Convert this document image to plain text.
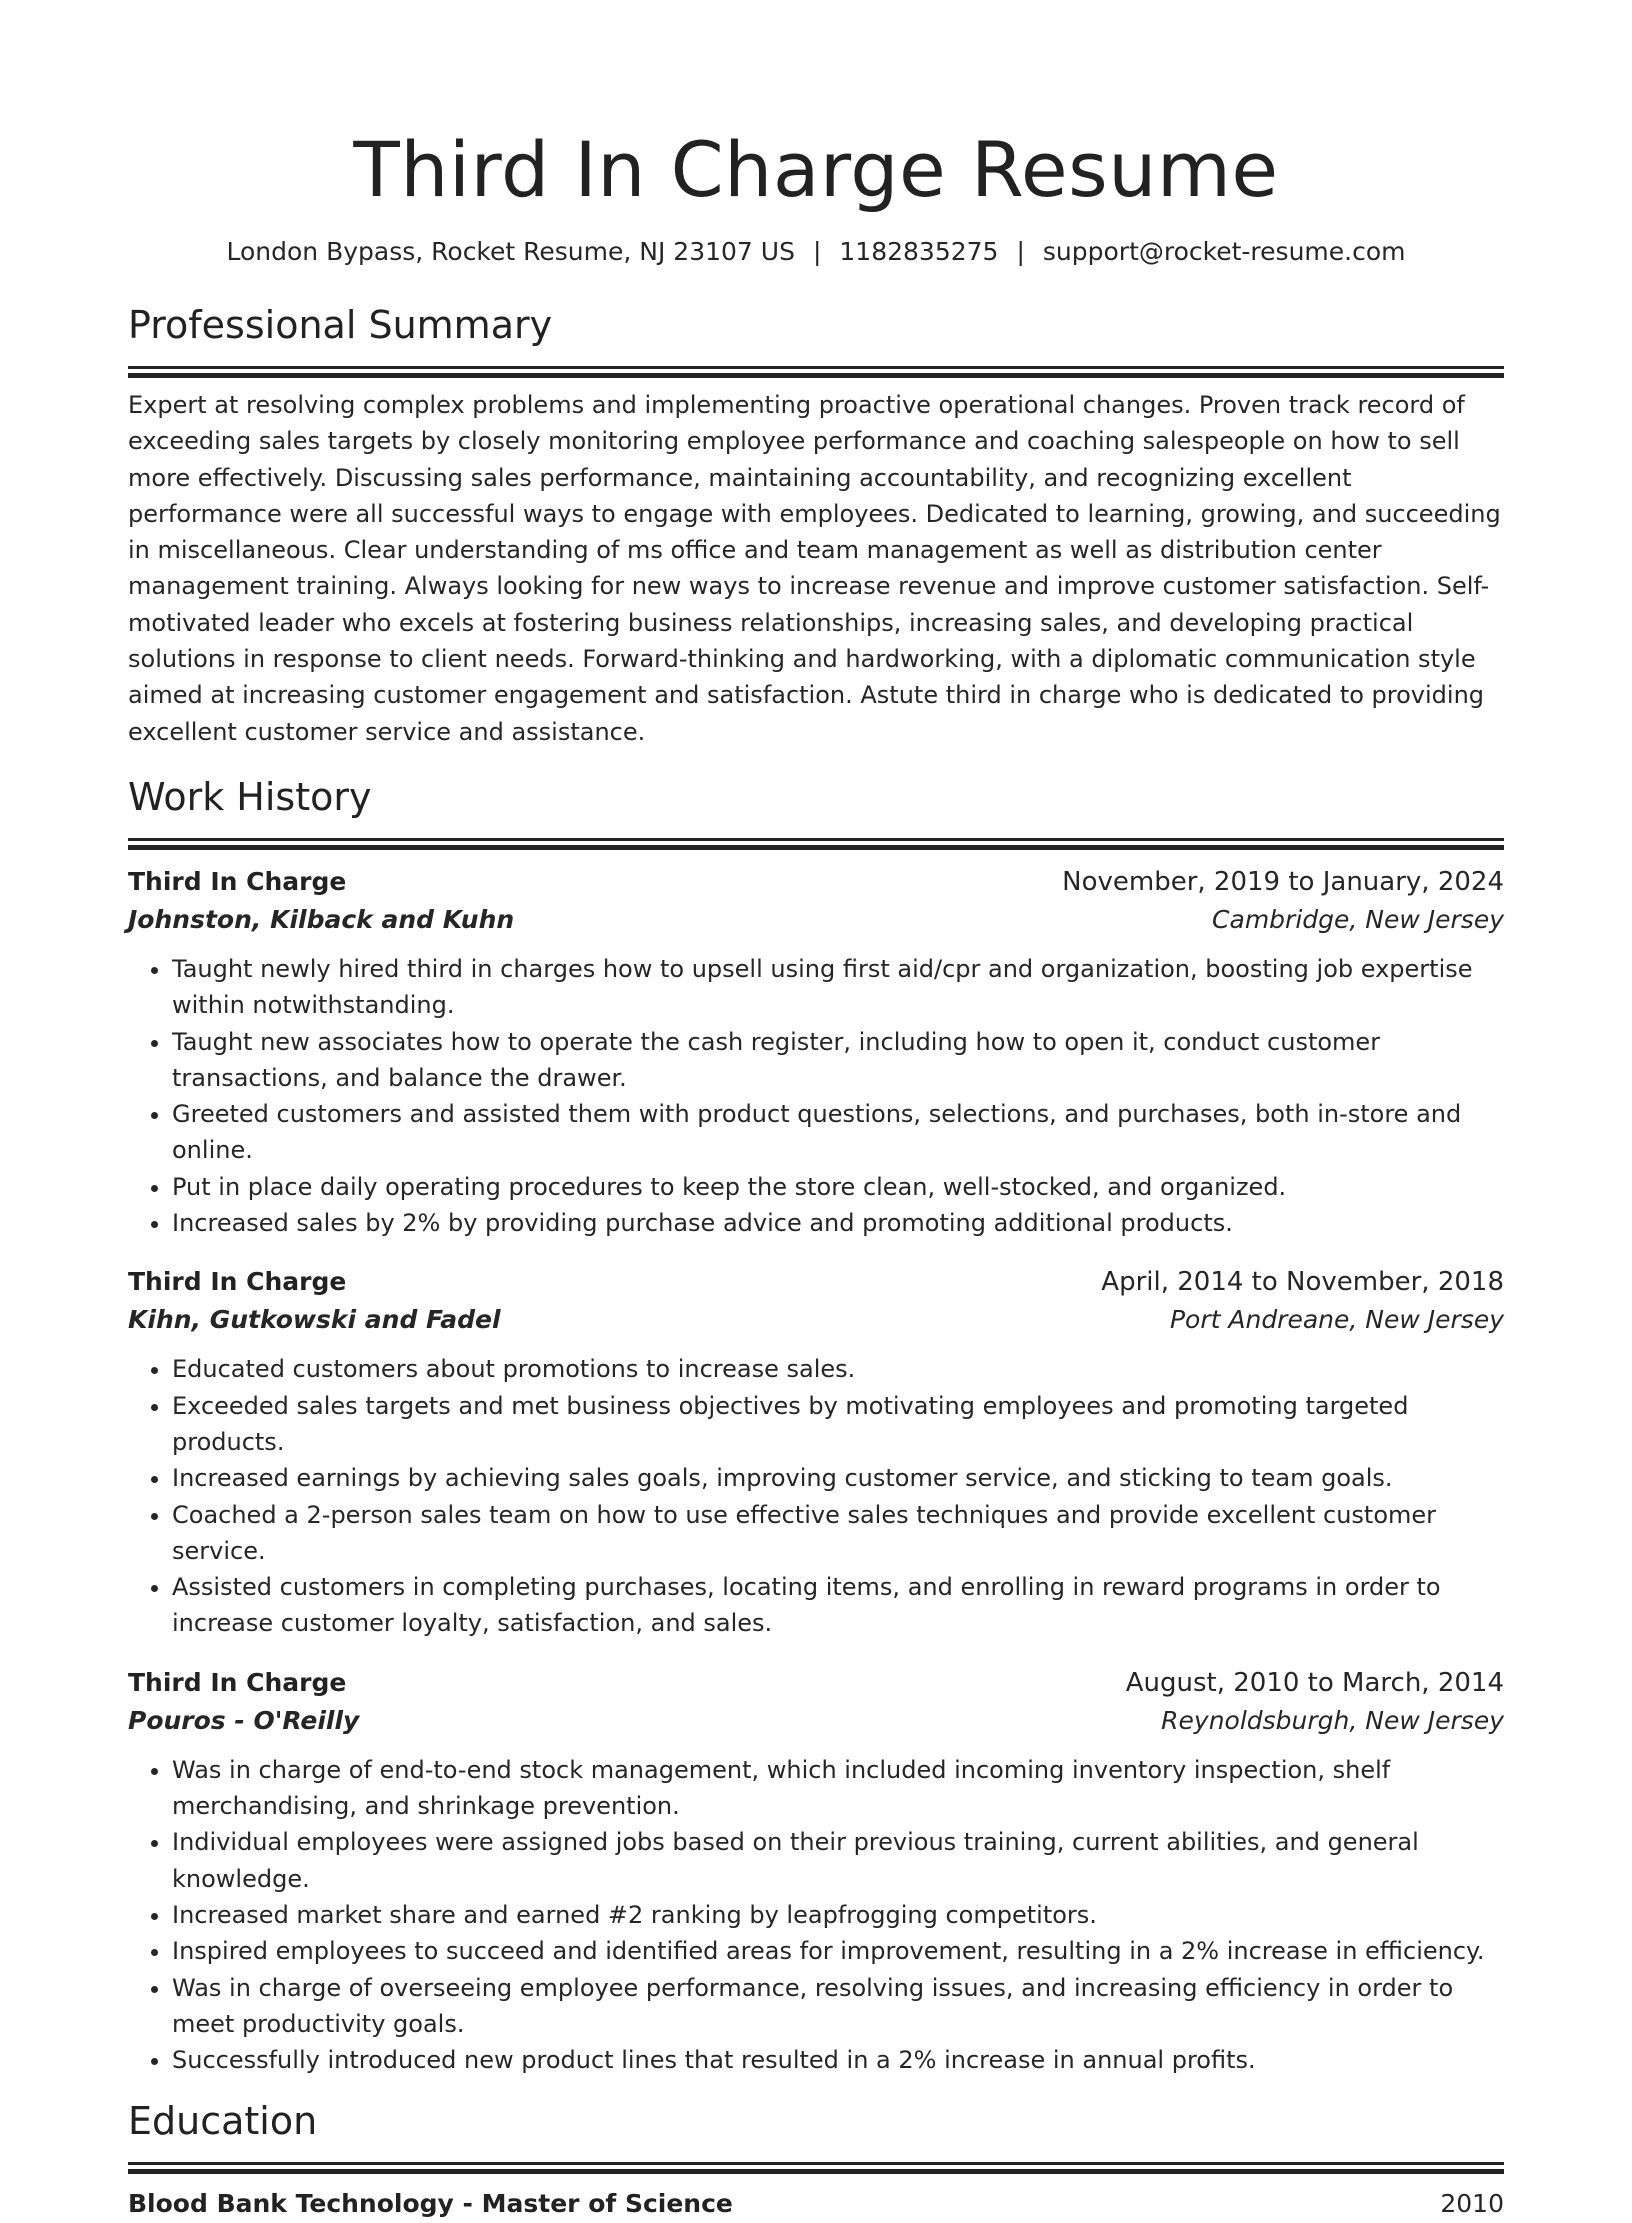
Third In Charge Resume
London Bypass, Rocket Resume, NJ 23107 US | 1182835275 | support@rocket-resume.com
Professional Summary

Expert at resolving complex problems and implementing proactive operational changes. Proven track record of exceeding sales targets by closely monitoring employee performance and coaching salespeople on how to sell more effectively. Discussing sales performance, maintaining accountability, and recognizing excellent performance were all successful ways to engage with employees. Dedicated to learning, growing, and succeeding in miscellaneous. Clear understanding of ms office and team management as well as distribution center management training. Always looking for new ways to increase revenue and improve customer satisfaction. Self-motivated leader who excels at fostering business relationships, increasing sales, and developing practical solutions in response to client needs. Forward-thinking and hardworking, with a diplomatic communication style aimed at increasing customer engagement and satisfaction. Astute third in charge who is dedicated to providing excellent customer service and assistance.

Work History
Third In Charge	November, 2019 to January, 2024
Johnston, Kilback and Kuhn	Cambridge, New Jersey
• Taught newly hired third in charges how to upsell using first aid/cpr and organization, boosting job expertise within notwithstanding.
• Taught new associates how to operate the cash register, including how to open it, conduct customer transactions, and balance the drawer.
• Greeted customers and assisted them with product questions, selections, and purchases, both in-store and online.
• Put in place daily operating procedures to keep the store clean, well-stocked, and organized.
• Increased sales by 2% by providing purchase advice and promoting additional products.
Third In Charge	April, 2014 to November, 2018
Kihn, Gutkowski and Fadel	Port Andreane, New Jersey
• Educated customers about promotions to increase sales.
• Exceeded sales targets and met business objectives by motivating employees and promoting targeted products.
• Increased earnings by achieving sales goals, improving customer service, and sticking to team goals.
• Coached a 2-person sales team on how to use effective sales techniques and provide excellent customer service.
• Assisted customers in completing purchases, locating items, and enrolling in reward programs in order to increase customer loyalty, satisfaction, and sales.
Third In Charge	August, 2010 to March, 2014
Pouros - O'Reilly	Reynoldsburgh, New Jersey
• Was in charge of end-to-end stock management, which included incoming inventory inspection, shelf merchandising, and shrinkage prevention.
• Individual employees were assigned jobs based on their previous training, current abilities, and general knowledge.
• Increased market share and earned #2 ranking by leapfrogging competitors.
• Inspired employees to succeed and identified areas for improvement, resulting in a 2% increase in efficiency.
• Was in charge of overseeing employee performance, resolving issues, and increasing efficiency in order to meet productivity goals.
• Successfully introduced new product lines that resulted in a 2% increase in annual profits.
Education
Blood Bank Technology - Master of Science	2010
